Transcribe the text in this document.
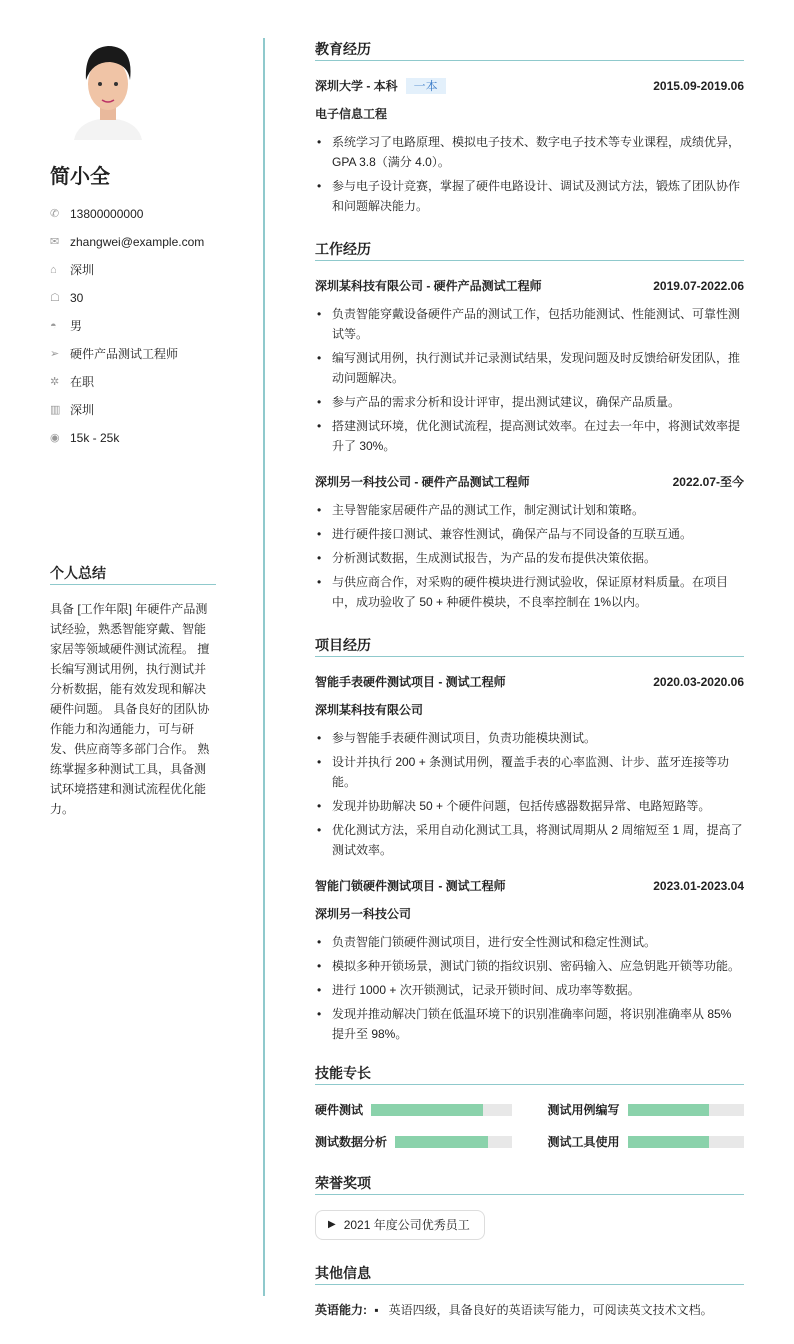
简小全
✆ 13800000000
✉ zhangwei@example.com
⌂	深圳
☖ 30
◓	男
➢ 硬件产品测试工程师
✲ 在职
▥ 深圳
◉ 15k - 25k
个人总结
具备 [工作年限] 年硬件产品测试经验，熟悉智能穿戴、智能家居等领域硬件测试流程。 擅长编写测试用例，执行测试并分析数据，能有效发现和解决硬件问题。 具备良好的团队协作能力和沟通能力，可与研发、供应商等多部门合作。 熟练掌握多种测试工具，具备测试环境搭建和测试流程优化能力。
教育经历
深圳大学 - 本科 一本	2015.09-2019.06
电子信息工程
• 系统学习了电路原理、模拟电子技术、数字电子技术等专业课程，成绩优异，GPA 3.8（满分 4.0）。
• 参与电子设计竞赛，掌握了硬件电路设计、调试及测试方法，锻炼了团队协作和问题解决能力。
工作经历
深圳某科技有限公司 - 硬件产品测试工程师	2019.07-2022.06
• 负责智能穿戴设备硬件产品的测试工作，包括功能测试、性能测试、可靠性测试等。
• 编写测试用例，执行测试并记录测试结果，发现问题及时反馈给研发团队，推动问题解决。
• 参与产品的需求分析和设计评审，提出测试建议，确保产品质量。
• 搭建测试环境，优化测试流程，提高测试效率。在过去一年中，将测试效率提升了 30%。
深圳另一科技公司 - 硬件产品测试工程师	2022.07-至今
• 主导智能家居硬件产品的测试工作，制定测试计划和策略。
• 进行硬件接口测试、兼容性测试，确保产品与不同设备的互联互通。
• 分析测试数据，生成测试报告，为产品的发布提供决策依据。
• 与供应商合作，对采购的硬件模块进行测试验收，保证原材料质量。在项目中，成功验收了 50 + 种硬件模块，不良率控制在 1%以内。
项目经历
智能手表硬件测试项目 - 测试工程师	2020.03-2020.06
深圳某科技有限公司
• 参与智能手表硬件测试项目，负责功能模块测试。
• 设计并执行 200 + 条测试用例，覆盖手表的心率监测、计步、蓝牙连接等功能。
• 发现并协助解决 50 + 个硬件问题，包括传感器数据异常、电路短路等。
• 优化测试方法，采用自动化测试工具，将测试周期从 2 周缩短至 1 周，提高了测试效率。
智能门锁硬件测试项目 - 测试工程师	2023.01-2023.04
深圳另一科技公司
• 负责智能门锁硬件测试项目，进行安全性测试和稳定性测试。
• 模拟多种开锁场景，测试门锁的指纹识别、密码输入、应急钥匙开锁等功能。
• 进行 1000 + 次开锁测试，记录开锁时间、成功率等数据。
• 发现并推动解决门锁在低温环境下的识别准确率问题，将识别准确率从 85% 提升至 98%。
技能专长
硬件测试	测试用例编写
测试数据分析	测试工具使用
荣誉奖项
▶ 2021 年度公司优秀员工
其他信息
英语能力: ▪   英语四级，具备良好的英语读写能力，可阅读英文技术文档。
